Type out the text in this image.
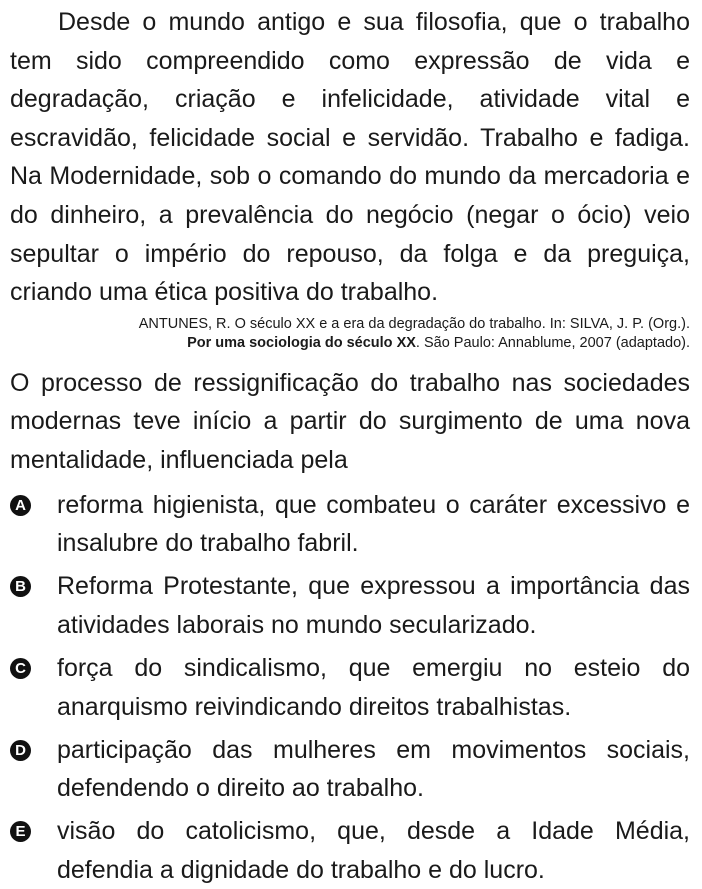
Desde o mundo antigo e sua filosofia, que o trabalho tem sido compreendido como expressão de vida e degradação, criação e infelicidade, atividade vital e escravidão, felicidade social e servidão. Trabalho e fadiga. Na Modernidade, sob o comando do mundo da mercadoria e do dinheiro, a prevalência do negócio (negar o ócio) veio sepultar o império do repouso, da folga e da preguiça, criando uma ética positiva do trabalho.

ANTUNES, R. O século XX e a era da degradação do trabalho. In: SILVA, J. P. (Org.).
Por uma sociologia do século XX. São Paulo: Annablume, 2007 (adaptado).

O processo de ressignificação do trabalho nas sociedades modernas teve início a partir do surgimento de uma nova mentalidade, influenciada pela

A reforma higienista, que combateu o caráter excessivo e insalubre do trabalho fabril.
B Reforma Protestante, que expressou a importância das atividades laborais no mundo secularizado.
C força do sindicalismo, que emergiu no esteio do anarquismo reivindicando direitos trabalhistas.
D participação das mulheres em movimentos sociais, defendendo o direito ao trabalho.
E visão do catolicismo, que, desde a Idade Média, defendia a dignidade do trabalho e do lucro.
